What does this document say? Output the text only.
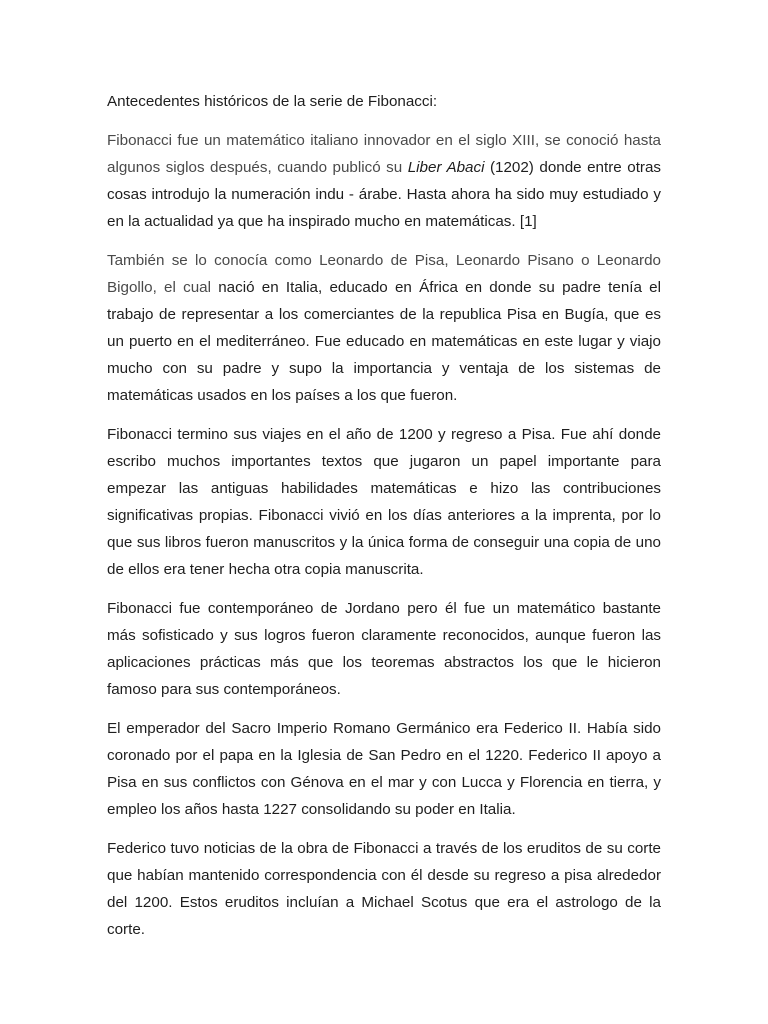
Antecedentes históricos de la serie de Fibonacci:

Fibonacci fue un matemático italiano innovador en el siglo XIII, se conoció hasta algunos siglos después, cuando publicó su Liber Abaci (1202) donde entre otras cosas introdujo la numeración indu - árabe. Hasta ahora ha sido muy estudiado y en la actualidad ya que ha inspirado mucho en matemáticas. [1]

También se lo conocía como Leonardo de Pisa, Leonardo Pisano o Leonardo Bigollo, el cual nació en Italia, educado en África en donde su padre tenía el trabajo de representar a los comerciantes de la republica Pisa en Bugía, que es un puerto en el mediterráneo. Fue educado en matemáticas en este lugar y viajo mucho con su padre y supo la importancia y ventaja de los sistemas de matemáticas usados en los países a los que fueron.

Fibonacci termino sus viajes en el año de 1200 y regreso a Pisa. Fue ahí donde escribo muchos importantes textos que jugaron un papel importante para empezar las antiguas habilidades matemáticas e hizo las contribuciones significativas propias. Fibonacci vivió en los días anteriores a la imprenta, por lo que sus libros fueron manuscritos y la única forma de conseguir una copia de uno de ellos era tener hecha otra copia manuscrita.

Fibonacci fue contemporáneo de Jordano pero él fue un matemático bastante más sofisticado y sus logros fueron claramente reconocidos, aunque fueron las aplicaciones prácticas más que los teoremas abstractos los que le hicieron famoso para sus contemporáneos.

El emperador del Sacro Imperio Romano Germánico era Federico II. Había sido coronado por el papa en la Iglesia de San Pedro en el 1220. Federico II apoyo a Pisa en sus conflictos con Génova en el mar y con Lucca y Florencia en tierra, y empleo los años hasta 1227 consolidando su poder en Italia.

Federico tuvo noticias de la obra de Fibonacci a través de los eruditos de su corte que habían mantenido correspondencia con él desde su regreso a pisa alrededor del 1200. Estos eruditos incluían a Michael Scotus que era el astrologo de la corte.
